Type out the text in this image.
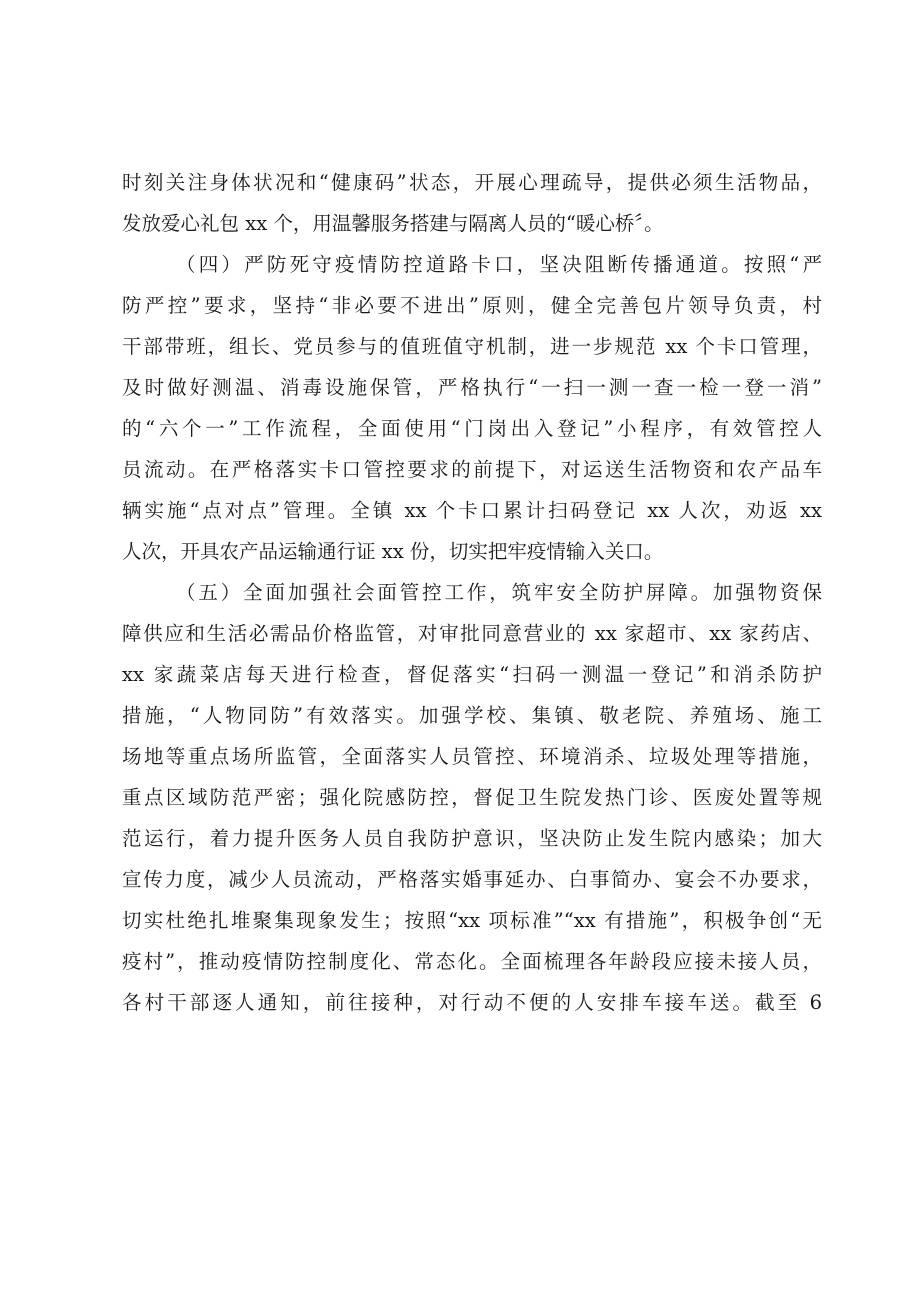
时刻关注身体状况和“健康码”状态，开展心理疏导，提供必须生活物品，
发放爱心礼包 xx 个，用温馨服务搭建与隔离人员的“暖心桥〞。
（四）严防死守疫情防控道路卡口，坚决阻断传播通道。按照“严
防严控”要求，坚持“非必要不进出”原则，健全完善包片领导负责，村
干部带班，组长、党员参与的值班值守机制，进一步规范 xx 个卡口管理，
及时做好测温、消毒设施保管，严格执行“一扫一测一查一检一登一消”
的“六个一”工作流程，全面使用“门岗出入登记”小程序，有效管控人
员流动。在严格落实卡口管控要求的前提下，对运送生活物资和农产品车
辆实施“点对点”管理。全镇 xx 个卡口累计扫码登记 xx 人次，劝返 xx
人次，开具农产品运输通行证 xx 份，切实把牢疫情输入关口。
（五）全面加强社会面管控工作，筑牢安全防护屏障。加强物资保
障供应和生活必需品价格监管，对审批同意营业的 xx 家超市、xx 家药店、
xx 家蔬菜店每天进行检查，督促落实“扫码一测温一登记”和消杀防护
措施，“人物同防”有效落实。加强学校、集镇、敬老院、养殖场、施工
场地等重点场所监管，全面落实人员管控、环境消杀、垃圾处理等措施，
重点区域防范严密；强化院感防控，督促卫生院发热门诊、医废处置等规
范运行，着力提升医务人员自我防护意识，坚决防止发生院内感染；加大
宣传力度，减少人员流动，严格落实婚事延办、白事简办、宴会不办要求，
切实杜绝扎堆聚集现象发生；按照“xx 项标准”“xx 有措施”，积极争创“无
疫村”，推动疫情防控制度化、常态化。全面梳理各年龄段应接未接人员，
各村干部逐人通知，前往接种，对行动不便的人安排车接车送。截至 6
